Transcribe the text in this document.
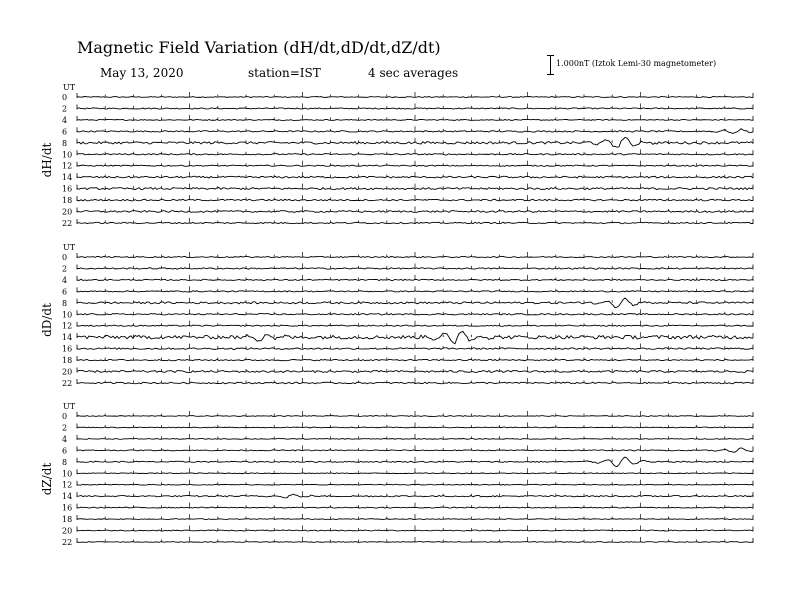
Magnetic Field Variation (dH/dt,dD/dt,dZ/dt)
May 13, 2020	station=IST	4 sec averages
1.000nT (Iztok Lemi-30 magnetometer)
UT
dH/dt
0
2
4
6
8
10
12
14
16
18
20
22
UT
dD/dt
0
2
4
6
8
10
12
14
16
18
20
22
UT
dZ/dt
0
2
4
6
8
10
12
14
16
18
20
22
